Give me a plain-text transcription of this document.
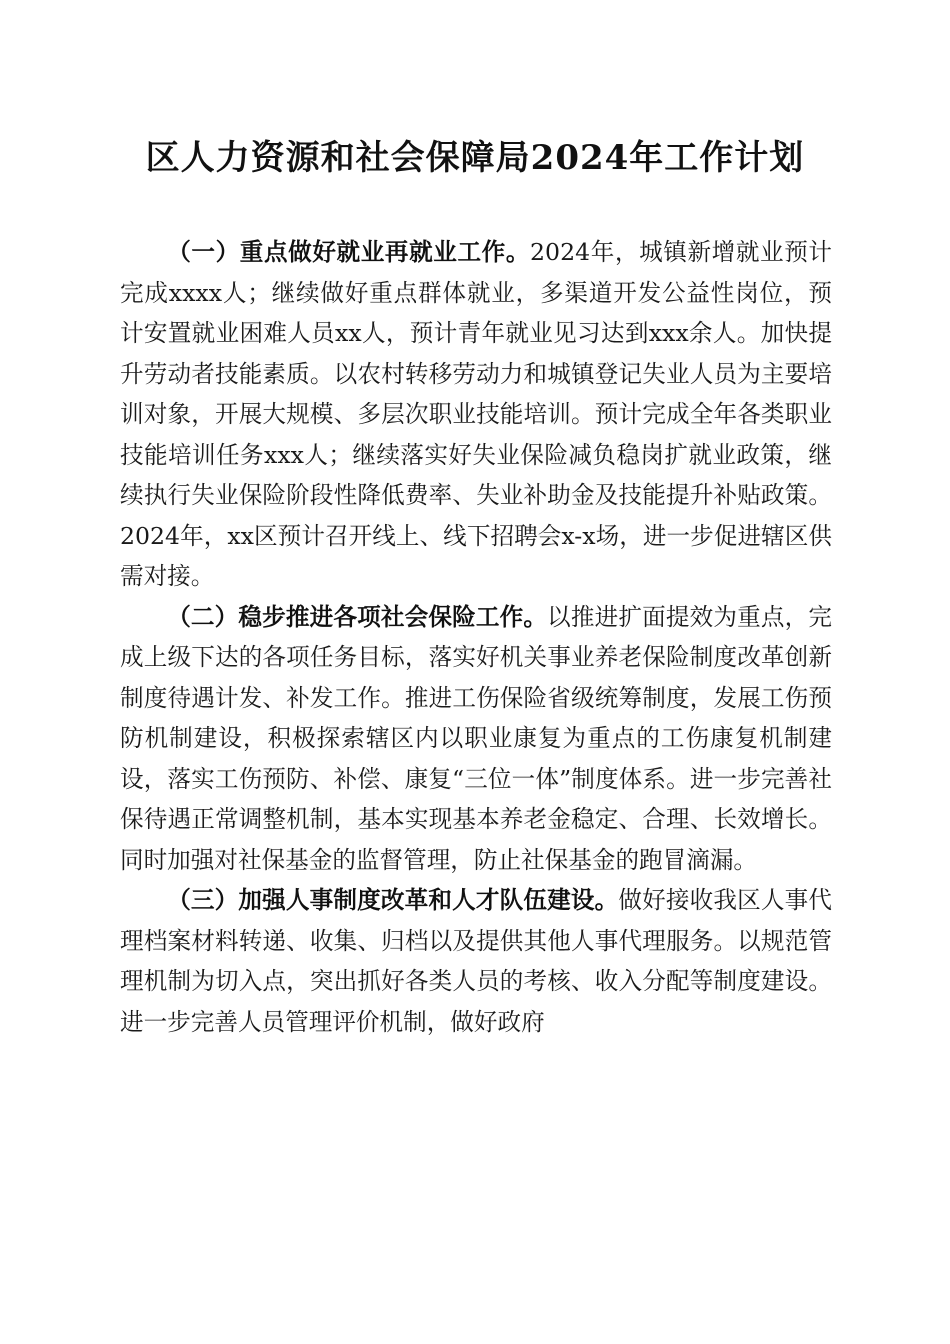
区人力资源和社会保障局2024年工作计划

（一）重点做好就业再就业工作。2024年，城镇新增就业预计完成xxxx人；继续做好重点群体就业，多渠道开发公益性岗位，预计安置就业困难人员xx人，预计青年就业见习达到xxx余人。加快提升劳动者技能素质。以农村转移劳动力和城镇登记失业人员为主要培训对象，开展大规模、多层次职业技能培训。预计完成全年各类职业技能培训任务xxx人；继续落实好失业保险减负稳岗扩就业政策，继续执行失业保险阶段性降低费率、失业补助金及技能提升补贴政策。2024年，xx区预计召开线上、线下招聘会x-x场，进一步促进辖区供需对接。

（二）稳步推进各项社会保险工作。以推进扩面提效为重点，完成上级下达的各项任务目标，落实好机关事业养老保险制度改革创新制度待遇计发、补发工作。推进工伤保险省级统筹制度，发展工伤预防机制建设，积极探索辖区内以职业康复为重点的工伤康复机制建设，落实工伤预防、补偿、康复“三位一体”制度体系。进一步完善社保待遇正常调整机制，基本实现基本养老金稳定、合理、长效增长。同时加强对社保基金的监督管理，防止社保基金的跑冒滴漏。

（三）加强人事制度改革和人才队伍建设。做好接收我区人事代理档案材料转递、收集、归档以及提供其他人事代理服务。以规范管理机制为切入点，突出抓好各类人员的考核、收入分配等制度建设。进一步完善人员管理评价机制，做好政府
